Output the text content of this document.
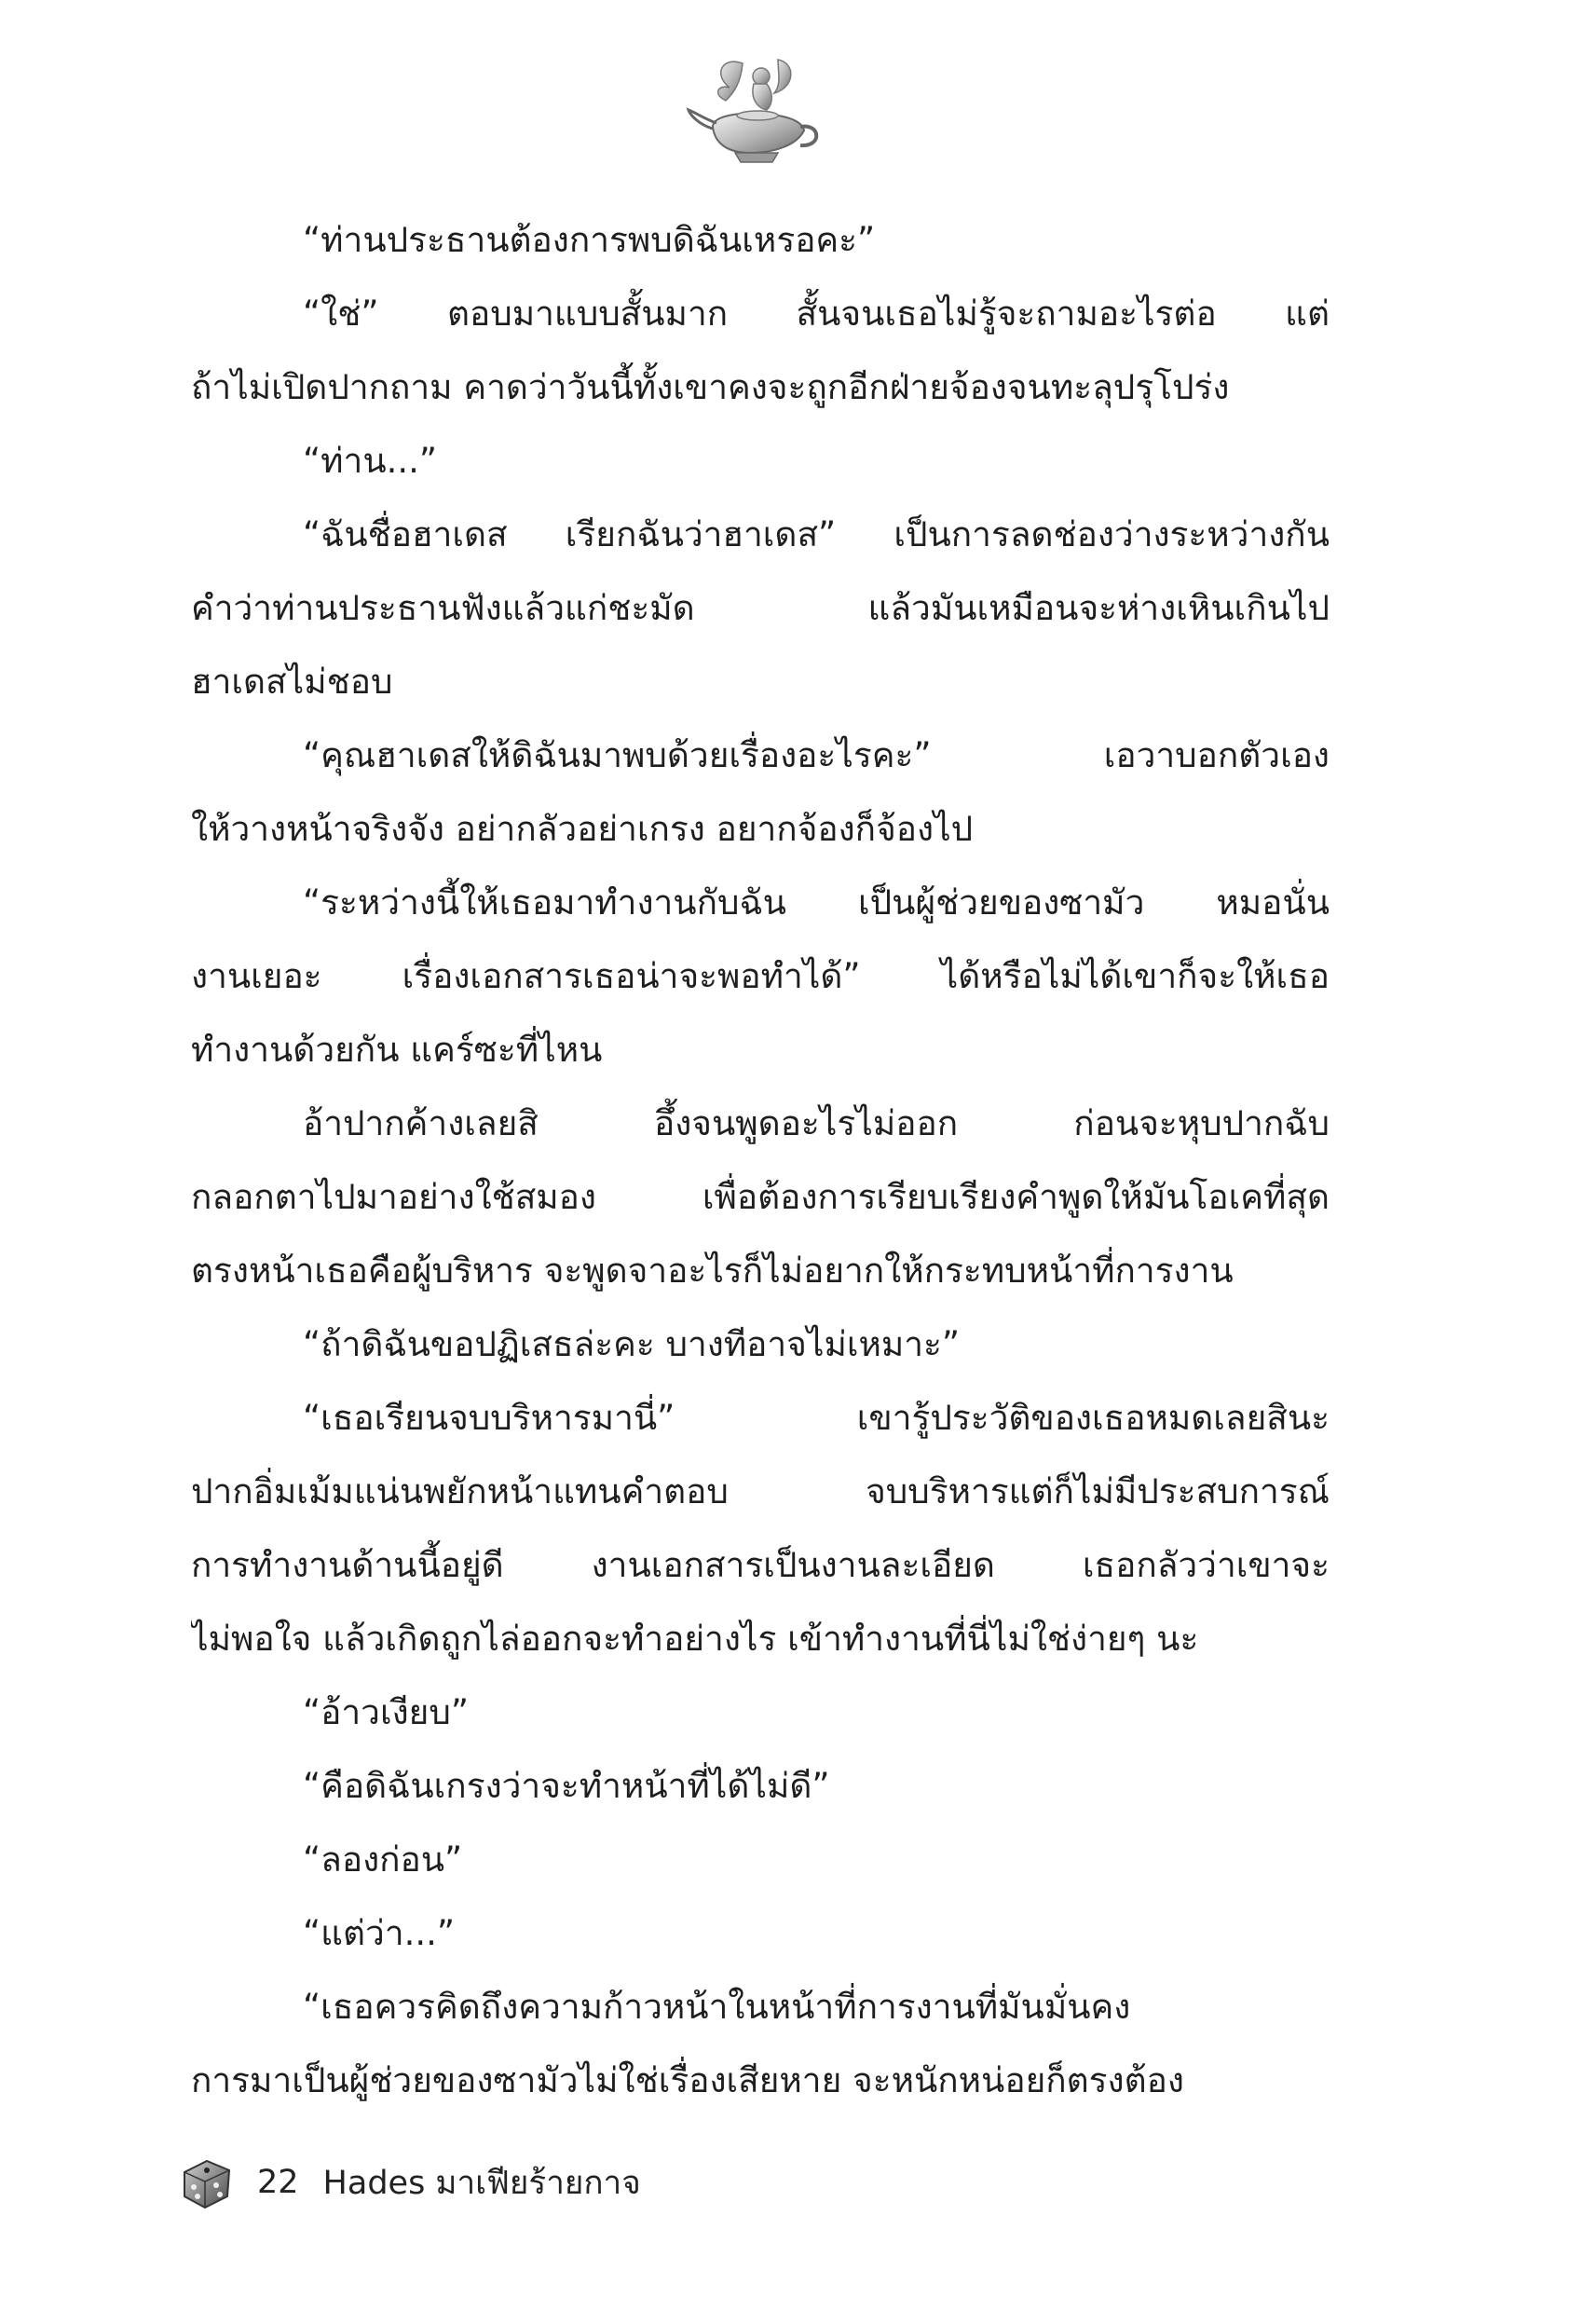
“ท่านประธานต้องการพบดิฉันเหรอคะ”
“ใช่” ตอบมาแบบสั้นมาก สั้นจนเธอไม่รู้จะถามอะไรต่อ แต่
ถ้าไม่เปิดปากถาม คาดว่าวันนี้ทั้งเขาคงจะถูกอีกฝ่ายจ้องจนทะลุปรุโปร่ง
“ท่าน...”
“ฉันชื่อฮาเดส เรียกฉันว่าฮาเดส” เป็นการลดช่องว่างระหว่างกัน
คำว่าท่านประธานฟังแล้วแก่ชะมัด แล้วมันเหมือนจะห่างเหินเกินไป
ฮาเดสไม่ชอบ
“คุณฮาเดสให้ดิฉันมาพบด้วยเรื่องอะไรคะ” เอวาบอกตัวเอง
ให้วางหน้าจริงจัง อย่ากลัวอย่าเกรง อยากจ้องก็จ้องไป
“ระหว่างนี้ให้เธอมาทำงานกับฉัน เป็นผู้ช่วยของซามัว หมอนั่น
งานเยอะ เรื่องเอกสารเธอน่าจะพอทำได้” ได้หรือไม่ได้เขาก็จะให้เธอ
ทำงานด้วยกัน แคร์ซะที่ไหน
อ้าปากค้างเลยสิ อึ้งจนพูดอะไรไม่ออก ก่อนจะหุบปากฉับ
กลอกตาไปมาอย่างใช้สมอง เพื่อต้องการเรียบเรียงคำพูดให้มันโอเคที่สุด
ตรงหน้าเธอคือผู้บริหาร จะพูดจาอะไรก็ไม่อยากให้กระทบหน้าที่การงาน
“ถ้าดิฉันขอปฏิเสธล่ะคะ บางทีอาจไม่เหมาะ”
“เธอเรียนจบบริหารมานี่” เขารู้ประวัติของเธอหมดเลยสินะ
ปากอิ่มเม้มแน่นพยักหน้าแทนคำตอบ จบบริหารแต่ก็ไม่มีประสบการณ์
การทำงานด้านนี้อยู่ดี งานเอกสารเป็นงานละเอียด เธอกลัวว่าเขาจะ
ไม่พอใจ แล้วเกิดถูกไล่ออกจะทำอย่างไร เข้าทำงานที่นี่ไม่ใช่ง่ายๆ นะ
“อ้าวเงียบ”
“คือดิฉันเกรงว่าจะทำหน้าที่ได้ไม่ดี”
“ลองก่อน”
“แต่ว่า...”
“เธอควรคิดถึงความก้าวหน้าในหน้าที่การงานที่มันมั่นคง
การมาเป็นผู้ช่วยของซามัวไม่ใช่เรื่องเสียหาย จะหนักหน่อยก็ตรงต้อง
22 Hades มาเฟียร้ายกาจ
